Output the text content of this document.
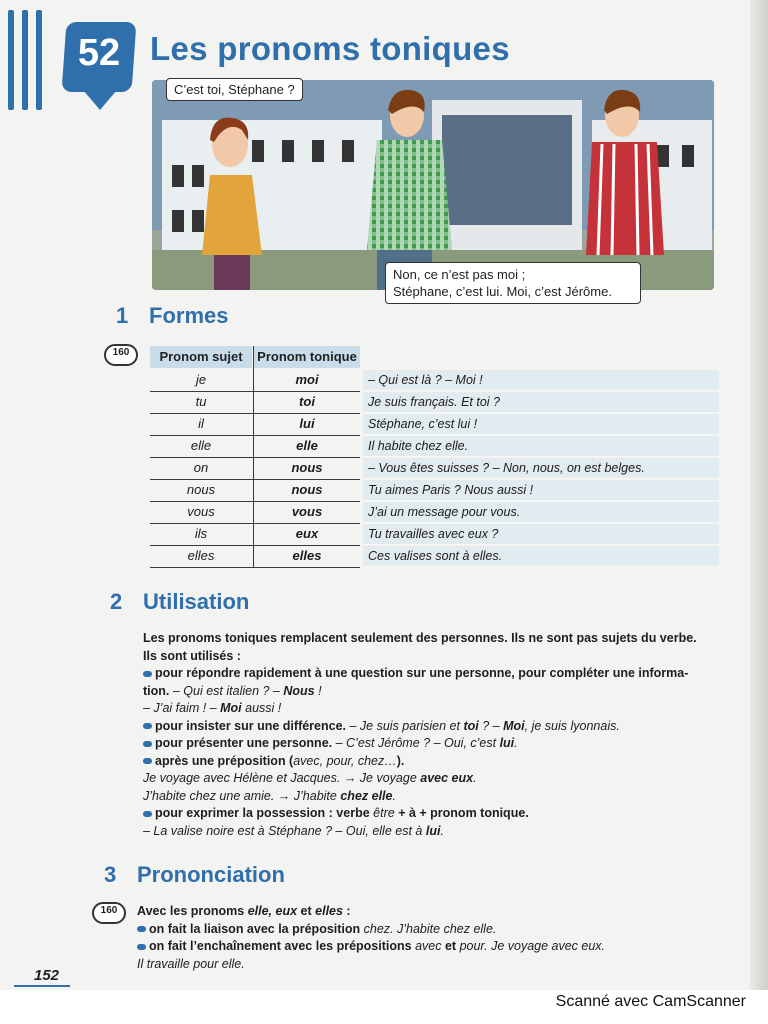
52 Les pronoms toniques
C’est toi, Stéphane ?
Non, ce n’est pas moi ;
Stéphane, c’est lui. Moi, c’est Jérôme.
1 Formes
160	Pronom sujet	Pronom tonique
je	moi	– Qui est là ? – Moi !
tu	toi	Je suis français. Et toi ?
il	lui	Stéphane, c’est lui !
elle	elle	Il habite chez elle.
on	nous	– Vous êtes suisses ? – Non, nous, on est belges.
nous	nous	Tu aimes Paris ? Nous aussi !
vous	vous	J’ai un message pour vous.
ils	eux	Tu travailles avec eux ?
elles	elles	Ces valises sont à elles.
2 Utilisation

Les pronoms toniques remplacent seulement des personnes. Ils ne sont pas sujets du verbe.

Ils sont utilisés :

pour répondre rapidement à une question sur une personne, pour compléter une informa-

tion. – Qui est italien ? – Nous !

– J’ai faim ! – Moi aussi !

pour insister sur une différence. – Je suis parisien et toi ? – Moi, je suis lyonnais.

pour présenter une personne. – C’est Jérôme ? – Oui, c’est lui.

après une préposition (avec, pour, chez…).

Je voyage avec Hélène et Jacques. → Je voyage avec eux.

J’habite chez une amie. → J’habite chez elle.

pour exprimer la possession : verbe être + à + pronom tonique.

– La valise noire est à Stéphane ? – Oui, elle est à lui.

3 Prononciation
160	Avec les pronoms elle, eux et elles :

on fait la liaison avec la préposition chez. J’habite chez elle.

on fait l’enchaînement avec les prépositions avec et pour. Je voyage avec eux.

Il travaille pour elle.

152
Scanné avec CamScanner
